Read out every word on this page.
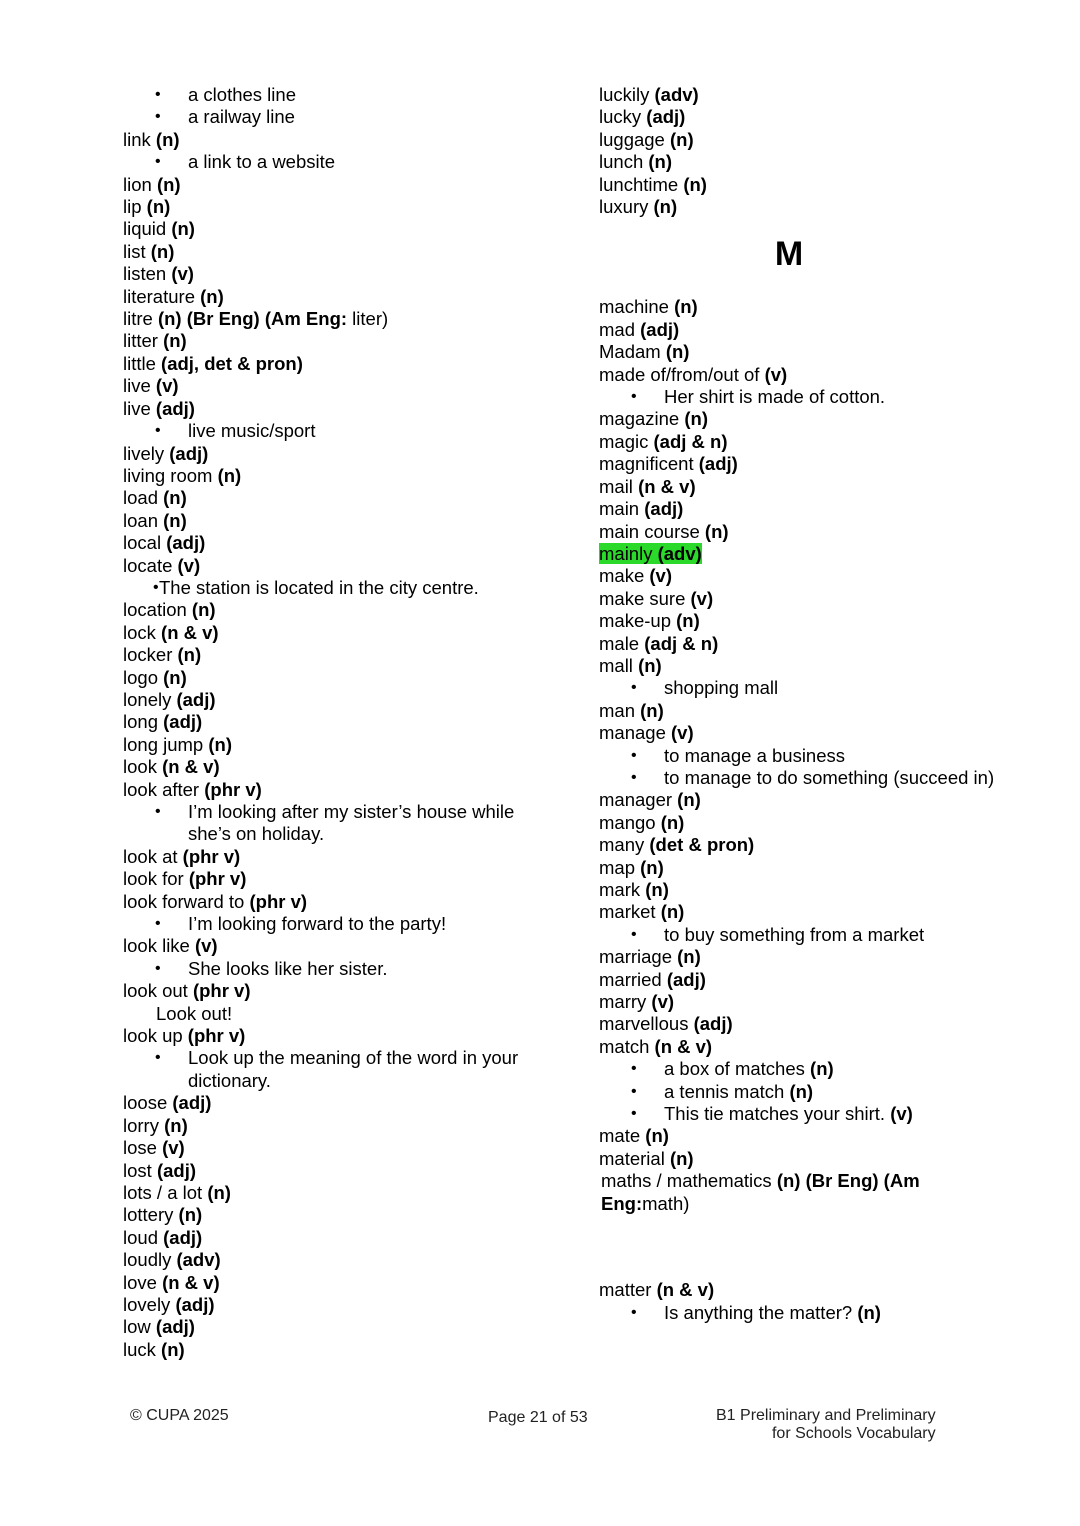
• a clothes line
• a railway line
link (n)
• a link to a website
lion (n)
lip (n)
liquid (n)
list (n)
listen (v)
literature (n)
litre (n) (Br Eng) (Am Eng: liter)
litter (n)
little (adj, det & pron)
live (v)
live (adj)
• live music/sport
lively (adj)
living room (n)
load (n)
loan (n)
local (adj)
locate (v)
• The station is located in the city centre.
location (n)
lock (n & v)
locker (n)
logo (n)
lonely (adj)
long (adj)
long jump (n)
look (n & v)
look after (phr v)
• I’m looking after my sister’s house while she’s on holiday.
look at (phr v)
look for (phr v)
look forward to (phr v)
• I’m looking forward to the party!
look like (v)
• She looks like her sister.
look out (phr v)
Look out!
look up (phr v)
• Look up the meaning of the word in your dictionary.
loose (adj)
lorry (n)
lose (v)
lost (adj)
lots / a lot (n)
lottery (n)
loud (adj)
loudly (adv)
love (n & v)
lovely (adj)
low (adj)
luck (n)
luckily (adv)
lucky (adj)
luggage (n)
lunch (n)
lunchtime (n)
luxury (n)
M
machine (n)
mad (adj)
Madam (n)
made of/from/out of (v)
• Her shirt is made of cotton.
magazine (n)
magic (adj & n)
magnificent (adj)
mail (n & v)
main (adj)
main course (n)
mainly (adv)
make (v)
make sure (v)
make-up (n)
male (adj & n)
mall (n)
• shopping mall
man (n)
manage (v)
• to manage a business
• to manage to do something (succeed in)
manager (n)
mango (n)
many (det & pron)
map (n)
mark (n)
market (n)
• to buy something from a market
marriage (n)
married (adj)
marry (v)
marvellous (adj)
match (n & v)
• a box of matches (n)
• a tennis match (n)
• This tie matches your shirt. (v)
mate (n)
material (n)
maths / mathematics (n) (Br Eng) (Am Eng:math)
matter (n & v)
• Is anything the matter? (n)
© CUPA 2025	Page 21 of 53	B1 Preliminary and Preliminary
for Schools Vocabulary
